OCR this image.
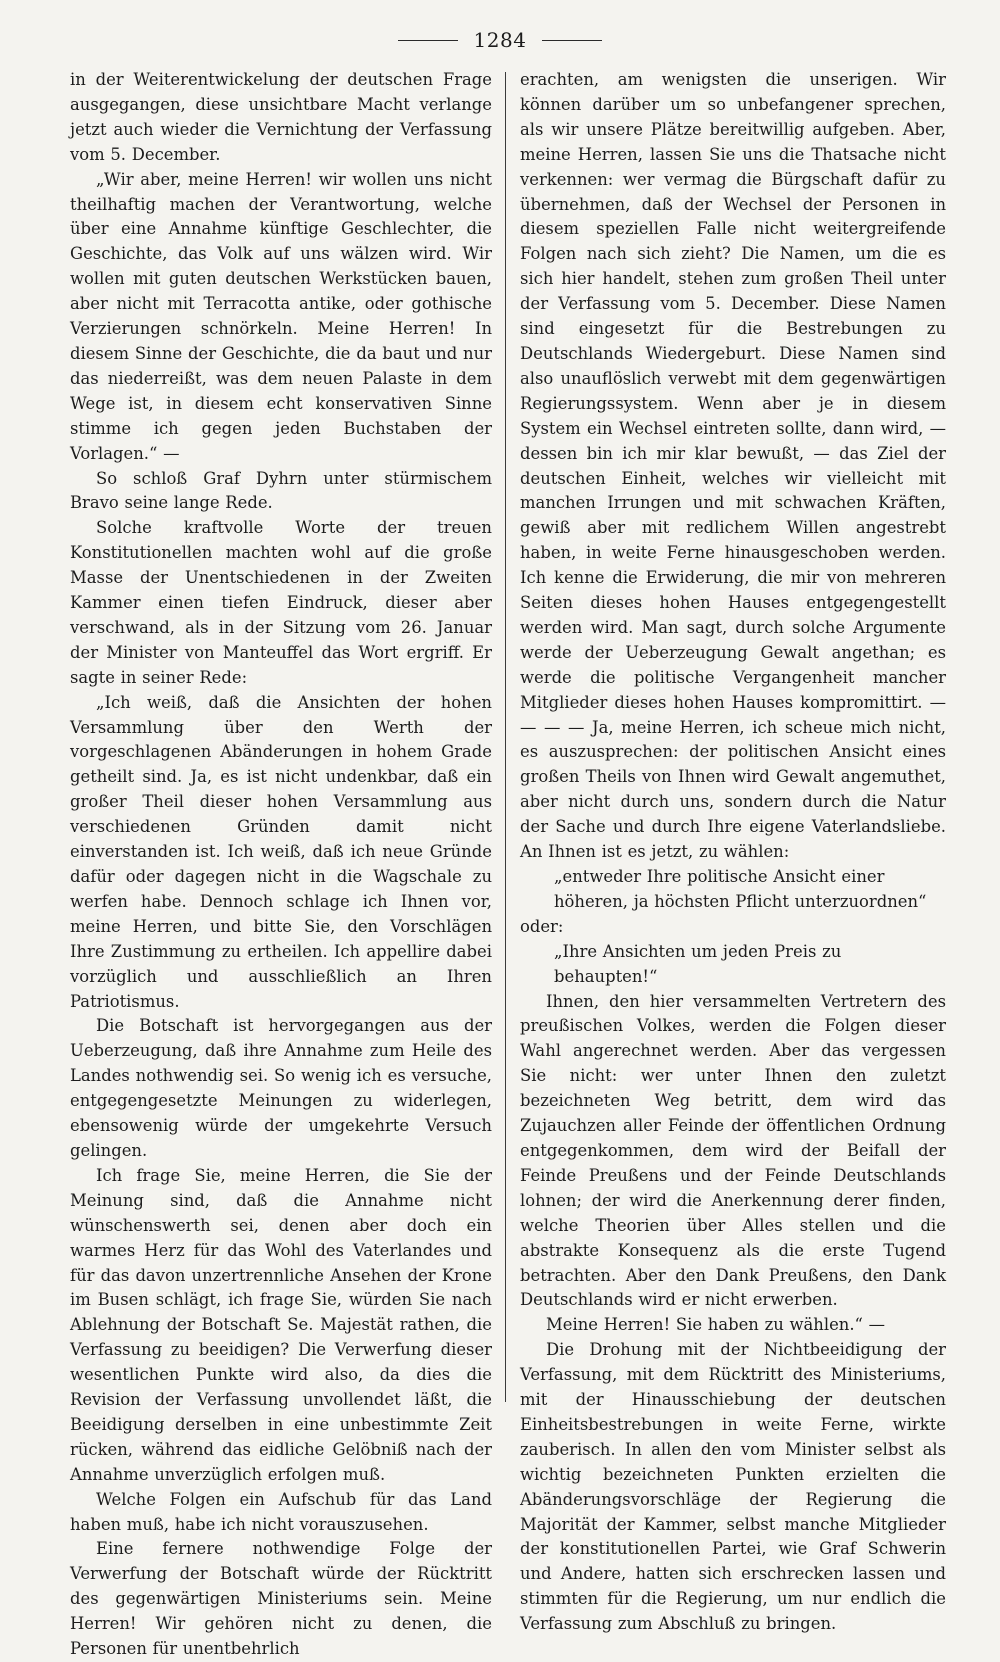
1284

in der Weiterentwickelung der deutschen Frage ausgegangen, diese unsichtbare Macht verlange jetzt auch wieder die Vernichtung der Verfassung vom 5. December.

„Wir aber, meine Herren! wir wollen uns nicht theilhaftig machen der Verantwortung, welche über eine Annahme künftige Geschlechter, die Geschichte, das Volk auf uns wälzen wird. Wir wollen mit guten deutschen Werkstücken bauen, aber nicht mit Terracotta antike, oder gothische Verzierungen schnörkeln. Meine Herren! In diesem Sinne der Geschichte, die da baut und nur das niederreißt, was dem neuen Palaste in dem Wege ist, in diesem echt konservativen Sinne stimme ich gegen jeden Buchstaben der Vorlagen.“ —

So schloß Graf Dyhrn unter stürmischem Bravo seine lange Rede.

Solche kraftvolle Worte der treuen Konstitutionellen machten wohl auf die große Masse der Unentschiedenen in der Zweiten Kammer einen tiefen Eindruck, dieser aber verschwand, als in der Sitzung vom 26. Januar der Minister von Manteuffel das Wort ergriff. Er sagte in seiner Rede:

„Ich weiß, daß die Ansichten der hohen Versammlung über den Werth der vorgeschlagenen Abänderungen in hohem Grade getheilt sind. Ja, es ist nicht undenkbar, daß ein großer Theil dieser hohen Versammlung aus verschiedenen Gründen damit nicht einverstanden ist. Ich weiß, daß ich neue Gründe dafür oder dagegen nicht in die Wagschale zu werfen habe. Dennoch schlage ich Ihnen vor, meine Herren, und bitte Sie, den Vorschlägen Ihre Zustimmung zu ertheilen. Ich appellire dabei vorzüglich und ausschließlich an Ihren Patriotismus.

Die Botschaft ist hervorgegangen aus der Ueberzeugung, daß ihre Annahme zum Heile des Landes nothwendig sei. So wenig ich es versuche, entgegengesetzte Meinungen zu widerlegen, ebensowenig würde der umgekehrte Versuch gelingen.

Ich frage Sie, meine Herren, die Sie der Meinung sind, daß die Annahme nicht wünschenswerth sei, denen aber doch ein warmes Herz für das Wohl des Vaterlandes und für das davon unzertrennliche Ansehen der Krone im Busen schlägt, ich frage Sie, würden Sie nach Ablehnung der Botschaft Se. Majestät rathen, die Verfassung zu beeidigen? Die Verwerfung dieser wesentlichen Punkte wird also, da dies die Revision der Verfassung unvollendet läßt, die Beeidigung derselben in eine unbestimmte Zeit rücken, während das eidliche Gelöbniß nach der Annahme unverzüglich erfolgen muß.

Welche Folgen ein Aufschub für das Land haben muß, habe ich nicht vorauszusehen.

Eine fernere nothwendige Folge der Verwerfung der Botschaft würde der Rücktritt des gegenwärtigen Ministeriums sein. Meine Herren! Wir gehören nicht zu denen, die Personen für unentbehrlich

erachten, am wenigsten die unserigen. Wir können darüber um so unbefangener sprechen, als wir unsere Plätze bereitwillig aufgeben. Aber, meine Herren, lassen Sie uns die Thatsache nicht verkennen: wer vermag die Bürgschaft dafür zu übernehmen, daß der Wechsel der Personen in diesem speziellen Falle nicht weitergreifende Folgen nach sich zieht? Die Namen, um die es sich hier handelt, stehen zum großen Theil unter der Verfassung vom 5. December. Diese Namen sind eingesetzt für die Bestrebungen zu Deutschlands Wiedergeburt. Diese Namen sind also unauflöslich verwebt mit dem gegenwärtigen Regierungssystem. Wenn aber je in diesem System ein Wechsel eintreten sollte, dann wird, — dessen bin ich mir klar bewußt, — das Ziel der deutschen Einheit, welches wir vielleicht mit manchen Irrungen und mit schwachen Kräften, gewiß aber mit redlichem Willen angestrebt haben, in weite Ferne hinausgeschoben werden. Ich kenne die Erwiderung, die mir von mehreren Seiten dieses hohen Hauses entgegengestellt werden wird. Man sagt, durch solche Argumente werde der Ueberzeugung Gewalt angethan; es werde die politische Vergangenheit mancher Mitglieder dieses hohen Hauses kompromittirt. — — — — Ja, meine Herren, ich scheue mich nicht, es auszusprechen: der politischen Ansicht eines großen Theils von Ihnen wird Gewalt angemuthet, aber nicht durch uns, sondern durch die Natur der Sache und durch Ihre eigene Vaterlandsliebe. An Ihnen ist es jetzt, zu wählen:

„entweder Ihre politische Ansicht einer höheren, ja höchsten Pflicht unterzuordnen“

oder:

„Ihre Ansichten um jeden Preis zu behaupten!“

Ihnen, den hier versammelten Vertretern des preußischen Volkes, werden die Folgen dieser Wahl angerechnet werden. Aber das vergessen Sie nicht: wer unter Ihnen den zuletzt bezeichneten Weg betritt, dem wird das Zujauchzen aller Feinde der öffentlichen Ordnung entgegenkommen, dem wird der Beifall der Feinde Preußens und der Feinde Deutschlands lohnen; der wird die Anerkennung derer finden, welche Theorien über Alles stellen und die abstrakte Konsequenz als die erste Tugend betrachten. Aber den Dank Preußens, den Dank Deutschlands wird er nicht erwerben.

Meine Herren! Sie haben zu wählen.“ —

Die Drohung mit der Nichtbeeidigung der Verfassung, mit dem Rücktritt des Ministeriums, mit der Hinausschiebung der deutschen Einheitsbestrebungen in weite Ferne, wirkte zauberisch. In allen den vom Minister selbst als wichtig bezeichneten Punkten erzielten die Abänderungsvorschläge der Regierung die Majorität der Kammer, selbst manche Mitglieder der konstitutionellen Partei, wie Graf Schwerin und Andere, hatten sich erschrecken lassen und stimmten für die Regierung, um nur endlich die Verfassung zum Abschluß zu bringen.
